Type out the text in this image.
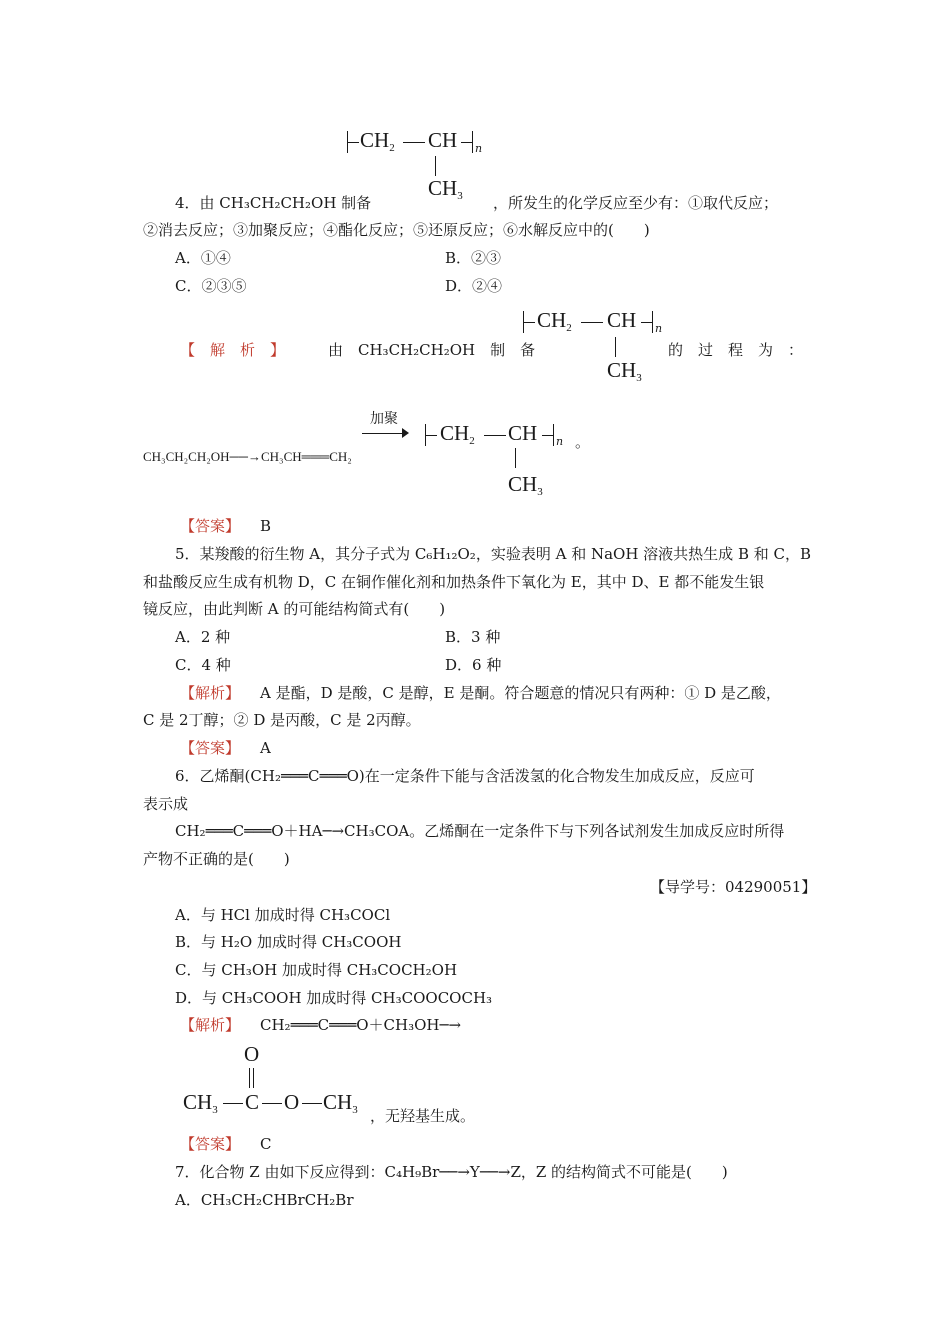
CH2 CH n
CH3
4．由 CH₃CH₂CH₂OH 制备	，所发生的化学反应至少有：①取代反应；
②消去反应；③加聚反应；④酯化反应；⑤还原反应；⑥水解反应中的(　　)
A．①④	B．②③
C．②③⑤	D．②④
【　解　析　】	由　CH₃CH₂CH₂OH　制　备
CH2 CH n
CH3
的　过　程　为　：
CH₃CH₂CH₂OH──→CH₃CH═══CH₂
加聚
CH2 CH n
CH3
。
【答案】 B
5．某羧酸的衍生物 A，其分子式为 C₆H₁₂O₂，实验表明 A 和 NaOH 溶液共热生成 B 和 C，B
和盐酸反应生成有机物 D，C 在铜作催化剂和加热条件下氧化为 E，其中 D、E 都不能发生银
镜反应，由此判断 A 的可能结构简式有(　　)
A．2 种	B．3 种
C．4 种	D．6 种
【解析】 A 是酯，D 是酸，C 是醇，E 是酮。符合题意的情况只有两种：① D 是乙酸，
C 是 2丁醇；② D 是丙酸，C 是 2丙醇。
【答案】 A
6．乙烯酮(CH₂═══C═══O)在一定条件下能与含活泼氢的化合物发生加成反应，反应可
表示成
CH₂═══C═══O＋HA─→CH₃COA。乙烯酮在一定条件下与下列各试剂发生加成反应时所得
产物不正确的是(　　)
【导学号：04290051】
A．与 HCl 加成时得 CH₃COCl
B．与 H₂O 加成时得 CH₃COOH
C．与 CH₃OH 加成时得 CH₃COCH₂OH
D．与 CH₃COOH 加成时得 CH₃COOCOCH₃
【解析】 CH₂═══C═══O＋CH₃OH─→
O
CH3 C O CH3 ，无羟基生成。
【答案】 C
7．化合物 Z 由如下反应得到：C₄H₉Br──→Y──→Z，Z 的结构简式不可能是(　　)
A．CH₃CH₂CHBrCH₂Br
